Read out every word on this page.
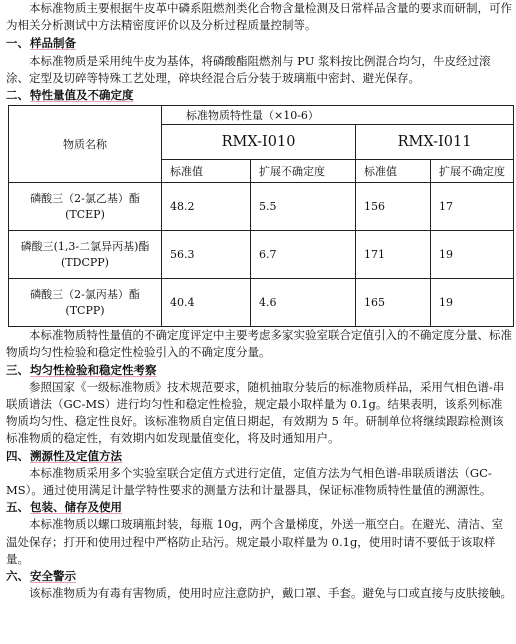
本标准物质主要根据牛皮革中磷系阻燃剂类化合物含量检测及日常样品含量的要求而研制，可作为相关分析测试中方法精密度评价以及分析过程质量控制等。

一、样品制备

本标准物质是采用纯牛皮为基体，将磷酸酯阻燃剂与 PU 浆料按比例混合均匀，牛皮经过滚涂、定型及切碎等特殊工艺处理，碎块经混合后分装于玻璃瓶中密封、避光保存。

二、特性量值及不确定度

物质名称	标准物质特性量（×10-6）			
	RMX-I010		RMX-I011	
	标准值	扩展不确定度	标准值	扩展不确定度
磷酸三（2-氯乙基）酯
(TCEP)	48.2	5.5	156	17
磷酸三(1,3-二氯异丙基)酯
(TDCPP)	56.3	6.7	171	19
磷酸三（2-氯丙基）酯
(TCPP)	40.4	4.6	165	19

本标准物质特性量值的不确定度评定中主要考虑多家实验室联合定值引入的不确定度分量、标准物质均匀性检验和稳定性检验引入的不确定度分量。

三、均匀性检验和稳定性考察

参照国家《一级标准物质》技术规范要求，随机抽取分装后的标准物质样品，采用气相色谱-串联质谱法（GC-MS）进行均匀性和稳定性检验，规定最小取样量为 0.1g。结果表明，该系列标准物质均匀性、稳定性良好。该标准物质自定值日期起，有效期为 5 年。研制单位将继续跟踪检测该标准物质的稳定性，有效期内如发现量值变化，将及时通知用户。

四、溯源性及定值方法

本标准物质采用多个实验室联合定值方式进行定值，定值方法为气相色谱-串联质谱法（GC-MS）。通过使用满足计量学特性要求的测量方法和计量器具，保证标准物质特性量值的溯源性。

五、包装、储存及使用

本标准物质以螺口玻璃瓶封装，每瓶 10g，两个含量梯度，外送一瓶空白。在避光、清洁、室温处保存；打开和使用过程中严格防止玷污。规定最小取样量为 0.1g，使用时请不要低于该取样量。

六、安全警示

该标准物质为有毒有害物质，使用时应注意防护，戴口罩、手套。避免与口或直接与皮肤接触。
